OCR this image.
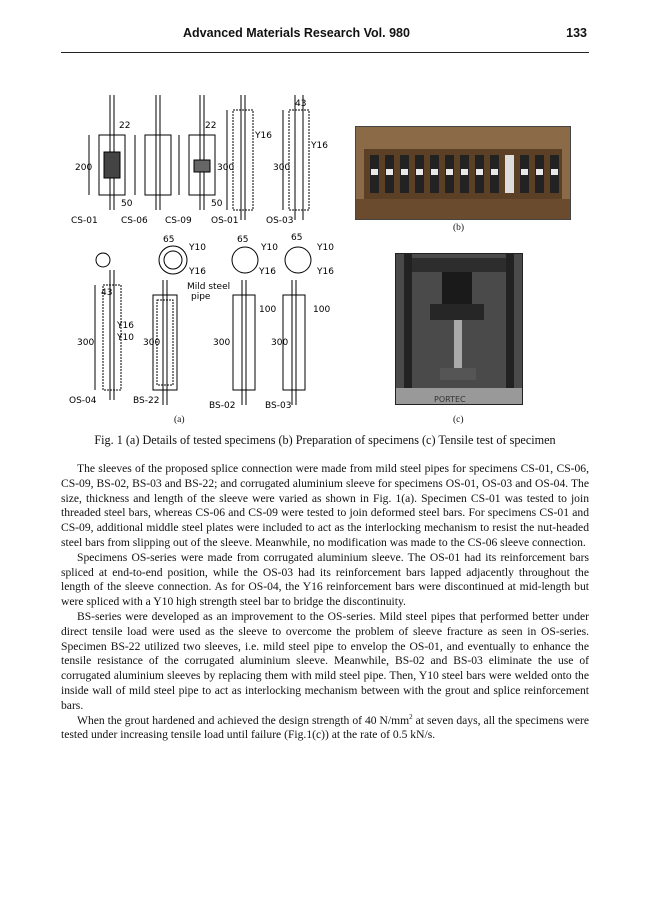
Advanced Materials Research Vol. 980	133
22
200
50	50
22
300	300
Y16
Y16
43
CS-01	CS-06 CS-09 OS-01	OS-03
65
Y10
Y16
65
Y10
Y16
65
Y10
Y16
Mild steel
pipe
43
Y16
Y10
300	300	300	300
100	100
OS-04	BS-22	BS-02	BS-03
(a)
(b)
PORTEC
(c)
Fig. 1 (a) Details of tested specimens (b) Preparation of specimens (c) Tensile test of specimen

The sleeves of the proposed splice connection were made from mild steel pipes for specimens CS-01, CS-06, CS-09, BS-02, BS-03 and BS-22; and corrugated aluminium sleeve for specimens OS-01, OS-03 and OS-04. The size, thickness and length of the sleeve were varied as shown in Fig. 1(a). Specimen CS-01 was tested to join threaded steel bars, whereas CS-06 and CS-09 were tested to join deformed steel bars. For specimens CS-01 and CS-09, additional middle steel plates were included to act as the interlocking mechanism to resist the nut-headed steel bars from slipping out of the sleeve. Meanwhile, no modification was made to the CS-06 sleeve connection.

Specimens OS-series were made from corrugated aluminium sleeve. The OS-01 had its reinforcement bars spliced at end-to-end position, while the OS-03 had its reinforcement bars lapped adjacently throughout the length of the sleeve connection. As for OS-04, the Y16 reinforcement bars were discontinued at mid-length but were spliced with a Y10 high strength steel bar to bridge the discontinuity.

BS-series were developed as an improvement to the OS-series. Mild steel pipes that performed better under direct tensile load were used as the sleeve to overcome the problem of sleeve fracture as seen in OS-series. Specimen BS-22 utilized two sleeves, i.e. mild steel pipe to envelop the OS-01, and eventually to enhance the tensile resistance of the corrugated aluminium sleeve. Meanwhile, BS-02 and BS-03 eliminate the use of corrugated aluminium sleeves by replacing them with mild steel pipe. Then, Y10 steel bars were welded onto the inside wall of mild steel pipe to act as interlocking mechanism between with the grout and splice reinforcement bars.

When the grout hardened and achieved the design strength of 40 $N/mm^2$ at seven days, all the specimens were tested under increasing tensile load until failure (Fig.1(c)) at the rate of 0.5 kN/s.
